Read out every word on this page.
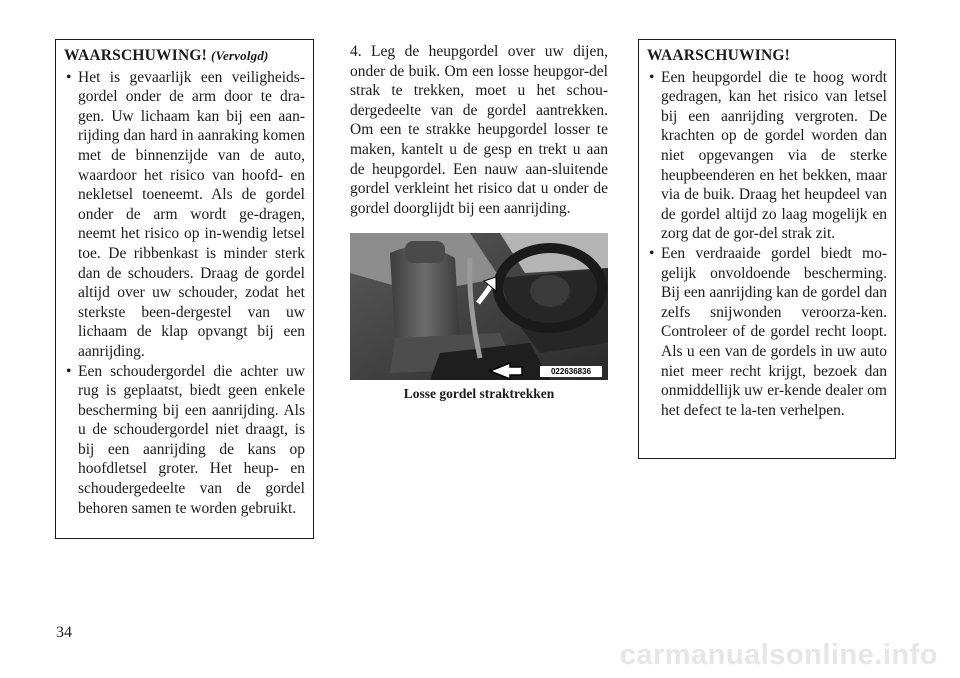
WAARSCHUWING! (Vervolgd)
• Het is gevaarlijk een veiligheids-gordel onder de arm door te dra-gen. Uw lichaam kan bij een aan-rijding dan hard in aanraking komen met de binnenzijde van de auto, waardoor het risico van hoofd- en nekletsel toeneemt. Als de gordel onder de arm wordt ge-dragen, neemt het risico op in-wendig letsel toe. De ribbenkast is minder sterk dan de schouders. Draag de gordel altijd over uw schouder, zodat het sterkste been-dergestel van uw lichaam de klap opvangt bij een aanrijding.
• Een schoudergordel die achter uw rug is geplaatst, biedt geen enkele bescherming bij een aanrijding. Als u de schoudergordel niet draagt, is bij een aanrijding de kans op hoofdletsel groter. Het heup- en schoudergedeelte van de gordel behoren samen te worden gebruikt.
4. Leg de heupgordel over uw dijen, onder de buik. Om een losse heupgor-del strak te trekken, moet u het schou-dergedeelte van de gordel aantrekken. Om een te strakke heupgordel losser te maken, kantelt u de gesp en trekt u aan de heupgordel. Een nauw aan-sluitende gordel verkleint het risico dat u onder de gordel doorglijdt bij een aanrijding.
022636836
Losse gordel straktrekken
WAARSCHUWING!
• Een heupgordel die te hoog wordt gedragen, kan het risico van letsel bij een aanrijding vergroten. De krachten op de gordel worden dan niet opgevangen via de sterke heupbeenderen en het bekken, maar via de buik. Draag het heupdeel van de gordel altijd zo laag mogelijk en zorg dat de gor-del strak zit.
• Een verdraaide gordel biedt mo-gelijk onvoldoende bescherming. Bij een aanrijding kan de gordel dan zelfs snijwonden veroorza-ken. Controleer of de gordel recht loopt. Als u een van de gordels in uw auto niet meer recht krijgt, bezoek dan onmiddellijk uw er-kende dealer om het defect te la-ten verhelpen.
34
carmanualsonline.info
